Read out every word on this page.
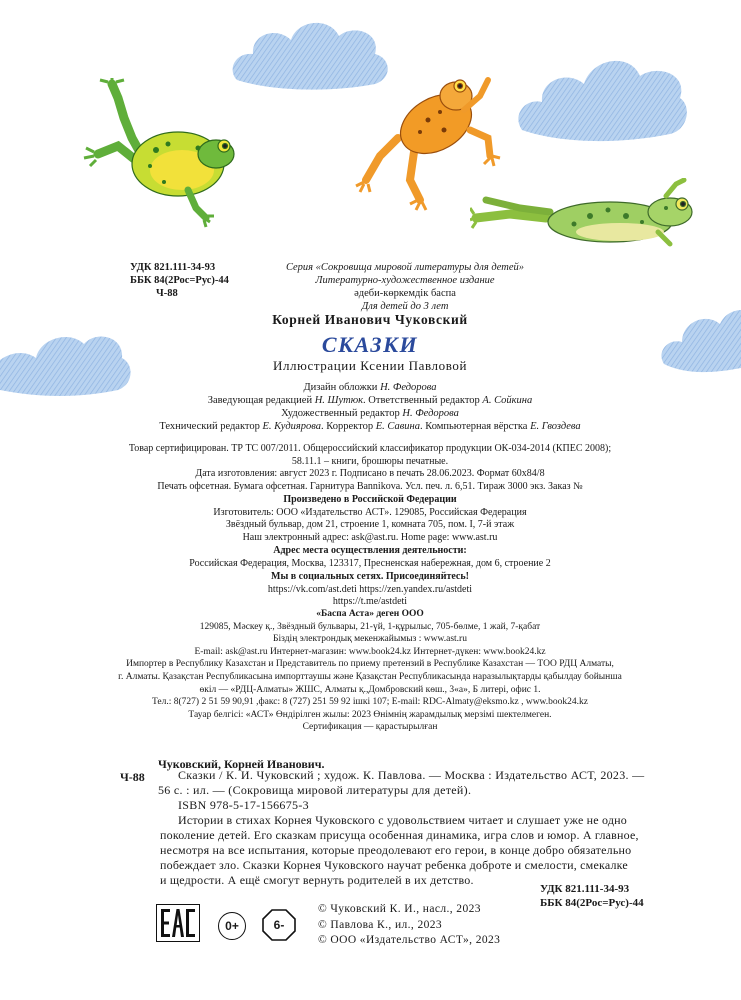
УДК 821.111-34-93
ББК 84(2Рос=Рус)-44
Ч-88
Серия «Сокровища мировой литературы для детей»
Литературно-художественное издание
әдеби-көркемдік баспа
Для детей до 3 лет
Корней Иванович Чуковский
СКАЗКИ
Иллюстрации Ксении Павловой
Дизайн обложки Н. Федорова
Заведующая редакцией Н. Шутюк. Ответственный редактор А. Сойкина
Художественный редактор Н. Федорова
Технический редактор Е. Кудиярова. Корректор Е. Савина. Компьютерная вёрстка Е. Гвоздева
Товар сертифицирован. ТР ТС 007/2011. Общероссийский классификатор продукции ОК-034-2014 (КПЕС 2008);
58.11.1 – книги, брошюры печатные.
Дата изготовления: август 2023 г. Подписано в печать 28.06.2023. Формат 60х84/8
Печать офсетная. Бумага офсетная. Гарнитура Bannikova. Усл. печ. л. 6,51. Тираж 3000 экз. Заказ №
Произведено в Российской Федерации
Изготовитель: ООО «Издательство АСТ». 129085, Российская Федерация
Звёздный бульвар, дом 21, строение 1, комната 705, пом. I, 7-й этаж
Наш электронный адрес: ask@ast.ru. Home page: www.ast.ru
Адрес места осуществления деятельности:
Российская Федерация, Москва, 123317, Пресненская набережная, дом 6, строение 2
Мы в социальных сетях. Присоединяйтесь!
https://vk.com/ast.deti https://zen.yandex.ru/astdeti
https://t.me/astdeti
«Баспа Аста» деген ООО
129085, Мәскеу қ., Звёздный бульвары, 21-үй, 1-құрылыс, 705-бөлме, 1 жай, 7-қабат
Біздің электрондық мекенжайымыз : www.ast.ru
E-mail: ask@ast.ru Интернет-магазин: www.book24.kz Интернет-дүкен: www.book24.kz
Импортер в Республику Казахстан и Представитель по приему претензий в Республике Казахстан — ТОО РДЦ Алматы,
г. Алматы. Қазақстан Республикасына импорттаушы және Қазақстан Республикасында наразылықтарды қабылдау бойынша
өкіл — «РДЦ-Алматы» ЖШС, Алматы қ.,Домбровский көш., 3«а», Б литері, офис 1.
Тел.: 8(727) 2 51 59 90,91 ,факс: 8 (727) 251 59 92 ішкі 107; E-mail: RDC-Almaty@eksmo.kz , www.book24.kz
Тауар белгісі: «АСТ» Өндірілген жылы: 2023 Өнімнің жарамдылық мерзімі шектелмеген.
Сертификация — қарастырылған
Чуковский, Корней Иванович.
Ч-88	Сказки / К. И. Чуковский ; худож. К. Павлова. — Москва : Издательство АСТ, 2023. —
56 с. : ил. — (Сокровища мировой литературы для детей).
ISBN 978-5-17-156675-3
Истории в стихах Корнея Чуковского с удовольствием читает и слушает уже не одно
поколение детей. Его сказкам присуща особенная динамика, игра слов и юмор. А главное,
несмотря на все испытания, которые преодолевают его герои, в конце добро обязательно
побеждает зло. Сказки Корнея Чуковского научат ребенка доброте и смелости, смекалке
и щедрости. А ещё смогут вернуть родителей в их детство.
УДК 821.111-34-93
ББК 84(2Рос=Рус)-44
0+	6-
© Чуковский К. И., насл., 2023
© Павлова К., ил., 2023
© ООО «Издательство АСТ», 2023
